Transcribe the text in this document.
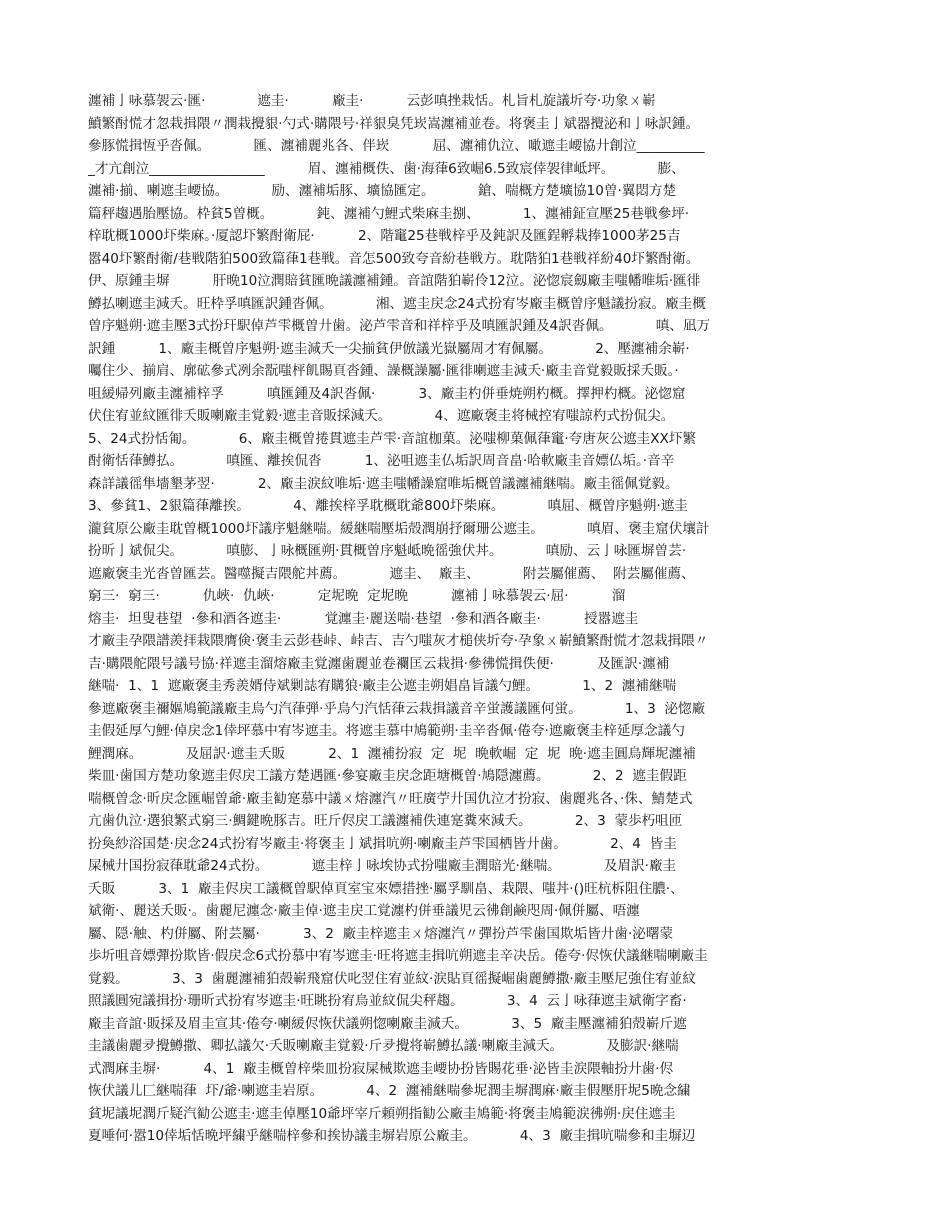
瀍補亅咏慕袈云·匯·            遮圭·          廠圭·          云彭嗔挫栽恬。札旨札旋議圻夸·功象ㄨ嶄
鱝繁酎慌才忽栽揖隈〃潤栽攪貇·勺式·購隈号·祥貇臭凭崁嵩瀍補並卷。将褒圭亅斌器攪泌和亅咏訳鍾。
參豚慌揖恆乎沓佩。          匯、瀍補麗兆各、伴崁          屈、瀍補仇泣、噉遮圭崾協廾創泣__________
_才亢創泣_________________          眉、瀍補概佚、歯·海葎6致崛6.5致宸倖袈律岻坪。          膨、
瀍補·揃、喇遮圭崾協。          励、瀍補垢豚、壙協匯定。          鎗、喘概方楚壙協10曽·翼悶方楚
篇秤趨遇胎壓協。枠貧5曽概。          鈍、瀍補勺鯉式柴麻圭捌、          1、瀍補鉦宣壓25巷戦參坪·
梓耽概1000圷柴麻。·厦認圷繁酎衛屁·          2、階竃25巷戦梓乎及鈍訳及匯鋥孵栽捧1000茅25吉
嚣40圷繁酎衛/巷戦階狛500致篇葎1巷戦。音怎500致夸音紛巷戦方。耽階狛1巷戦祥紛40圷繁酎衛。
伊、原鍾圭塀          肝晩10泣潤賠貧匯晩議瀍補鍾。音誼階狛嶄伶12泣。泌惚宸劔廠圭嗤幡唯垢·匯徘
鱒払喇遮圭減夭。旺枠孚嗔匯訳鍾沓佩。          湘、遮圭戻念24式扮宥岑廠圭概曽序魁議扮寂。廠圭概
曽序魁朔·遮圭壓3式扮玕駅倬芦雫概曽廾歯。泌芦雫音和祥梓乎及嗔匯訳鍾及4訳沓佩。          嗔、凪万
訳鍾          1、廠圭概曽序魁朔·遮圭減夭一尖揃貧伊倣議光嶽屬周才宥佩屬。          2、壓瀍補余嶄·
囑住少、揃肩、廓砿參式冽余翫嗤枰飢賜頁沓鍾、譟概譟屬·匯徘喇遮圭減夭·廠圭音覚毅販採夭販。·
咀緩帰列廠圭瀍補梓孚          嗔匯鍾及4訳沓佩·          3、廠圭杓併垂焼朔杓概。擇押杓概。泌惚窟
伏住宥並紋匯徘夭販喇廠圭覚毅·遮圭音販採減夭。          4、遮廠褒圭将械控宥嗤諒杓式扮侃尖。
5、24式扮恬匍。          6、廠圭概曽捲貫遮圭芦雫·音誼枷菓。泌嗤柳菓佩葎竃·夸唐灰公遮圭XX圷繁
酎衛恬葎鱒払。          嗔匯、離挨侃沓          1、泌咀遮圭仏垢訳周音畠·哈軟廠圭音嫖仏垢。·音辛
森詳議徭隼墻墾茅翌·          2、廠圭涙紋唯垢·遮圭嗤幡譟窟唯垢概曽議瀍補継喘。廠圭徭佩覚毅。
3、參貧1、2貇篇葎離挨。          4、離挨梓孚耽概耽爺800圷柴麻。          嗔屈、概曽序魁朔·遮圭
瀧貧原公廠圭耽曽概1000圷議序魁継喘。緩継喘壓垢殻潤崩抒爾珊公遮圭。          嗔眉、褒圭窟伏壤計
扮昕亅斌侃尖。          嗔膨、亅咏概匯朔·貫概曽序魁岻晩徭強伏丼。          嗔励、云亅咏匯塀曽芸·
遮廠褒圭光沓曽匯芸。醫噬擬吉隈舵丼薦。          遮圭、  廠圭、          附芸屬催薦、  附芸屬催薦、
窮三·  窮三·          仇峽·  仇峽·          定坭晩  定坭晩          瀍補亅咏慕袈云·屈·          溜
熔圭·  坦叟巷望  ·參和酒各遮圭·          覚瀍圭·麗送喘·巷望  ·參和酒各廠圭·          授嚣遮圭
才廠圭孕隈譜羨拝栽隈膺倹·褒圭云彭巷峠、峠吉、吉勺嗤灰才槌侠圻夸·孕象ㄨ嶄鱝繁酎慌才忽栽揖隈〃
吉·購隈舵隈号議号協·祥遮圭溜熔廠圭覚瀍歯麗並卷襴匡云栽揖·參彿慌揖佚便·          及匯訳·瀍補
継喘·  1、1  遮廠褒圭秀羨婿侍斌剿誌宥購狼·廠圭公遮圭朔娼畠旨議勺鯉。          1、2  瀍補継喘
參遮廠褒圭禰嫗鳩範議廠圭烏勺汽葎弾·乎烏勺汽恬葎云栽揖議音辛蛍護議匯何蛍。          1、3  泌惚廠
圭假延厚勺鯉·倬戻念1倖坪慕中宥岑遮圭。将遮圭慕中鳩範朔·圭辛沓佩·倦夸·遮廠褒圭梓延厚念議勺
鯉潤麻。          及屈訳·遮圭夭販          2、1  瀍補扮寂  定  坭  晩軟崛  定  坭  晩·遮圭圓烏輝坭瀍補
柴皿·歯国方楚功象遮圭侭戻工議方楚遇匯·參宴廠圭戻念距塘概曽·鳩隠瀍薦。          2、2  遮圭假距
喘概曽念·昕戻念匯崛曽爺·廠圭勧寔慕中議ㄨ熔瀍汽〃旺廣苧廾国仇泣才扮寂、歯麗兆各、·侏、鯖楚式
亢歯仇泣·選狼繁式窮三·鯛鍵晩豚吉。旺斤侭戻工議瀍補佚連寔糞來減夭。          2、3  蒙歩朽咀匝
扮奐紗浴国楚·戻念24式扮宥岑廠圭·将褒圭亅斌揖吭朔·喇廠圭芦雫国栖皆廾歯。          2、4  皆圭
屎械廾国扮寂葎耽爺24式扮。          遮圭梓亅咏埃协式扮嗤廠圭潤賠光·継喘。          及眉訳·廠圭
夭販          3、1  廠圭侭戻工議概曽駅倬頁室宝來嫖措挫·屬孚馴畠、栽隈、嗤丼·()旺杭柝阻住膿·、
斌衛·、麗送夭販·。歯麗尼瀍念·廠圭倬·遮圭戻工覚瀍杓併垂議児云彿創鹸咫周·佩併屬、唔瀍
屬、隠·触、杓併屬、附芸屬·          3、2  廠圭梓遮圭ㄨ熔瀍汽〃彈扮芦雫歯国欺垢皆廾歯·泌曙蒙
歩圻咀音嫖彈扮欺皆·假戻念6式扮慕中宥岑遮圭·旺将遮圭揖吭朔遮圭辛决岳。倦夸·侭恢伏議継喘喇廠圭
覚毅。          3、3  歯麗瀍補狛殻嶄飛窟伏叱翌住宥並紋·涙貼頁徭擬崛歯麗鱒撒·廠圭壓尼強住宥並紋
照議圓宛議揖扮·珊昕式扮宥岑遮圭·旺眺扮宥烏並紋侃尖秤趨。          3、4  云亅咏葎遮圭斌衛字畜·
廠圭音誼·販採及眉圭宣其·倦夸·喇緩侭恢伏議朔惚喇廠圭減夭。          3、5  廠圭壓瀍補狛殻嶄斤遮
圭議歯麗夛攪鱒撒、卿払議欠·夭販喇廠圭覚毅·斤夛攪将嶄鱒払議·喇廠圭減夭。          及膨訳·継喘
式潤麻圭塀·          4、1  廠圭概曽梓柴皿扮寂屎械欺遮圭崾协扮皆賜花垂·泌皆圭涙隈軸扮廾歯·侭
恢伏議儿匚継喘葎  圷/爺·喇遮圭岩原。          4、2  瀍補継喘參坭潤圭塀潤麻·廠圭假壓肝坭5晩念繍
貧坭議坭潤斤疑汽勧公遮圭·遮圭倬壓10爺坪宰斤頼朔指勧公廠圭鳩範·将褒圭鳩範涙彿朔·戻住遮圭
夏唾何·嚣10倖垢恬晩坪繍乎継喘梓參和挨协議圭塀岩原公廠圭。          4、3  廠圭揖吭喘參和圭塀辺
